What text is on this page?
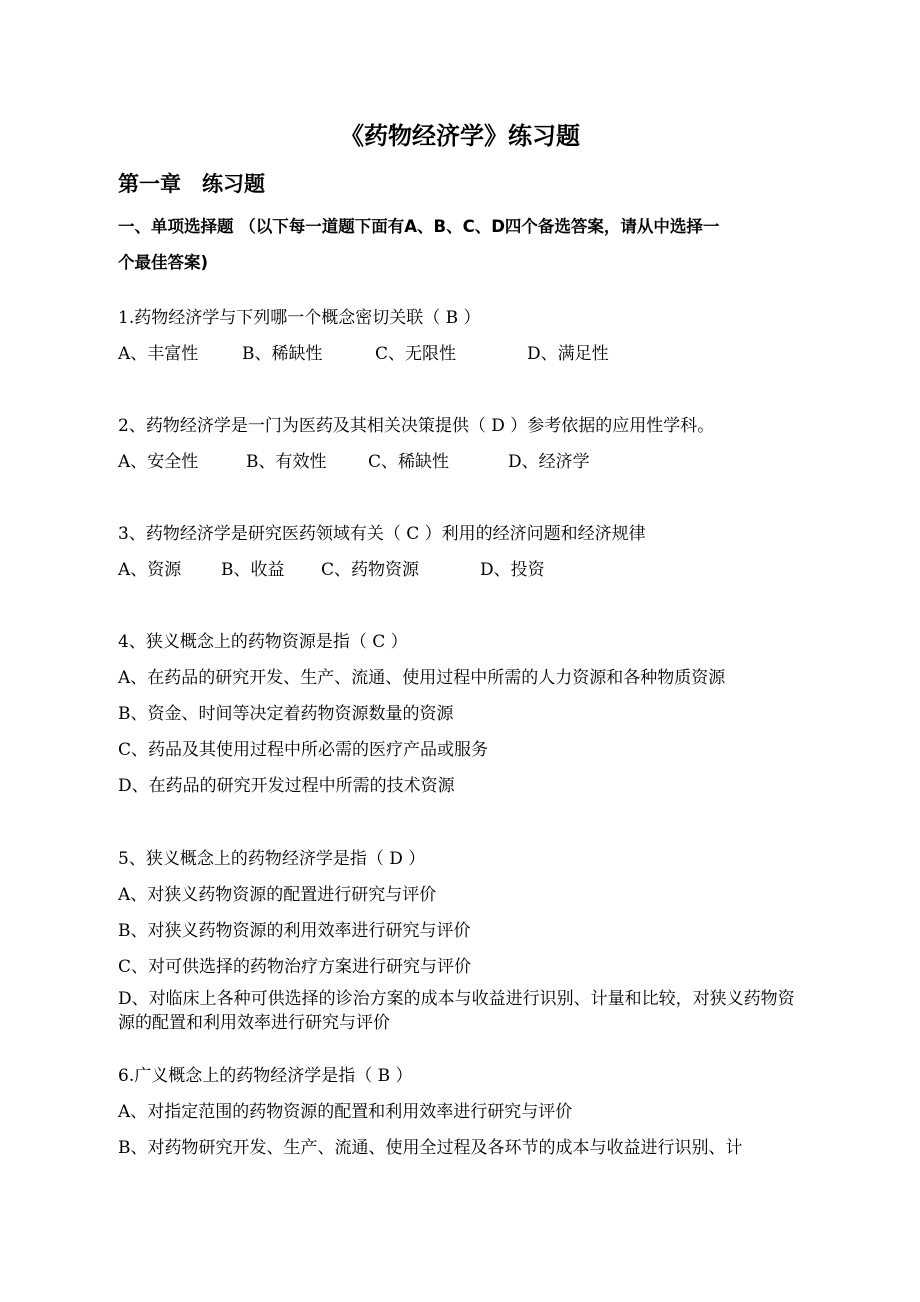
《药物经济学》练习题
第一章　练习题
一、单项选择题 （以下每一道题下面有A、B、C、D四个备选答案，请从中选择一
个最佳答案)
1.药物经济学与下列哪一个概念密切关联（ B ）
A、丰富性	B、稀缺性	C、无限性	D、满足性
2、药物经济学是一门为医药及其相关决策提供（ D ）参考依据的应用性学科。
A、安全性	B、有效性 C、稀缺性	D、经济学
3、药物经济学是研究医药领域有关（ C ）利用的经济问题和经济规律
A、资源 B、收益 C、药物资源	D、投资
4、狭义概念上的药物资源是指（ C ）
A、在药品的研究开发、生产、流通、使用过程中所需的人力资源和各种物质资源
B、资金、时间等决定着药物资源数量的资源
C、药品及其使用过程中所必需的医疗产品或服务
D、在药品的研究开发过程中所需的技术资源
5、狭义概念上的药物经济学是指（ D ）
A、对狭义药物资源的配置进行研究与评价
B、对狭义药物资源的利用效率进行研究与评价
C、对可供选择的药物治疗方案进行研究与评价
D、对临床上各种可供选择的诊治方案的成本与收益进行识别、计量和比较，对狭义药物资源的配置和利用效率进行研究与评价
6.广义概念上的药物经济学是指（ B ）
A、对指定范围的药物资源的配置和利用效率进行研究与评价
B、对药物研究开发、生产、流通、使用全过程及各环节的成本与收益进行识别、计
